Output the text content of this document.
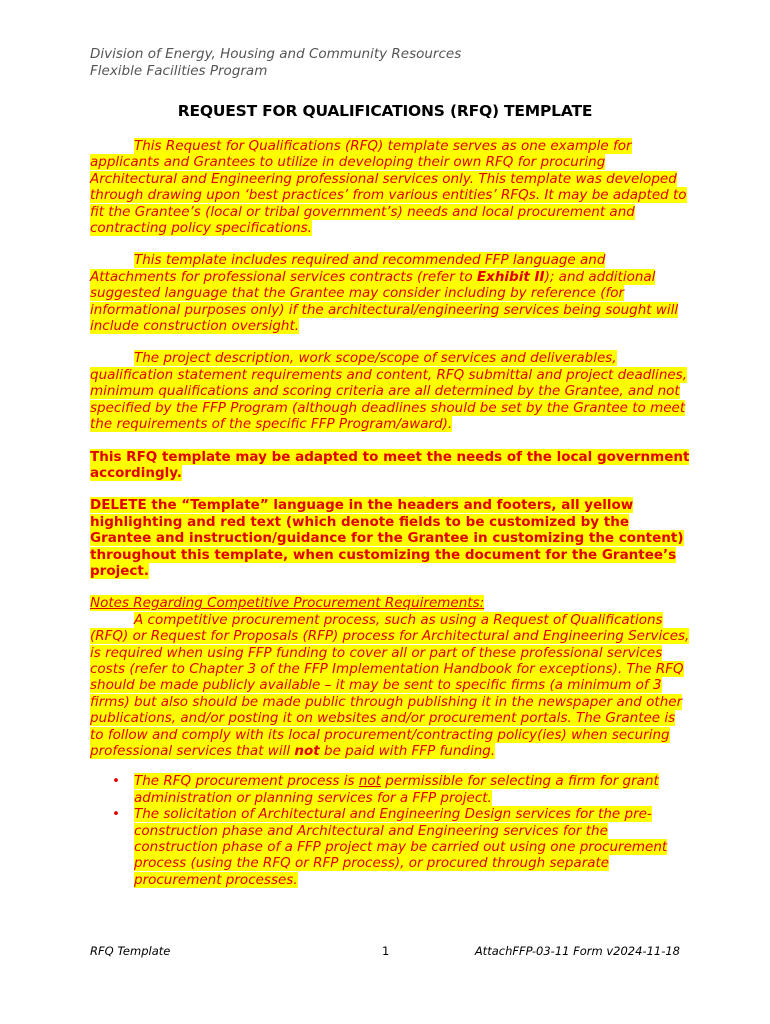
Division of Energy, Housing and Community Resources
Flexible Facilities Program
REQUEST FOR QUALIFICATIONS (RFQ) TEMPLATE

This Request for Qualifications (RFQ) template serves as one example for applicants and Grantees to utilize in developing their own RFQ for procuring Architectural and Engineering professional services only. This template was developed through drawing upon ‘best practices’ from various entities’ RFQs. It may be adapted to fit the Grantee’s (local or tribal government’s) needs and local procurement and contracting policy specifications.

This template includes required and recommended FFP language and Attachments for professional services contracts (refer to Exhibit II); and additional suggested language that the Grantee may consider including by reference (for informational purposes only) if the architectural/engineering services being sought will include construction oversight.

The project description, work scope/scope of services and deliverables, qualification statement requirements and content, RFQ submittal and project deadlines, minimum qualifications and scoring criteria are all determined by the Grantee, and not specified by the FFP Program (although deadlines should be set by the Grantee to meet the requirements of the specific FFP Program/award).

This RFQ template may be adapted to meet the needs of the local government accordingly.

DELETE the “Template” language in the headers and footers, all yellow highlighting and red text (which denote fields to be customized by the Grantee and instruction/guidance for the Grantee in customizing the content) throughout this template, when customizing the document for the Grantee’s project.

Notes Regarding Competitive Procurement Requirements:

A competitive procurement process, such as using a Request of Qualifications (RFQ) or Request for Proposals (RFP) process for Architectural and Engineering Services, is required when using FFP funding to cover all or part of these professional services costs (refer to Chapter 3 of the FFP Implementation Handbook for exceptions). The RFQ should be made publicly available – it may be sent to specific firms (a minimum of 3 firms) but also should be made public through publishing it in the newspaper and other publications, and/or posting it on websites and/or procurement portals. The Grantee is to follow and comply with its local procurement/contracting policy(ies) when securing professional services that will not be paid with FFP funding.

• The RFQ procurement process is not permissible for selecting a firm for grant administration or planning services for a FFP project.
• The solicitation of Architectural and Engineering Design services for the pre-construction phase and Architectural and Engineering services for the construction phase of a FFP project may be carried out using one procurement process (using the RFQ or RFP process), or procured through separate procurement processes.
RFQ Template	1	AttachFFP-03-11 Form v2024-11-18
